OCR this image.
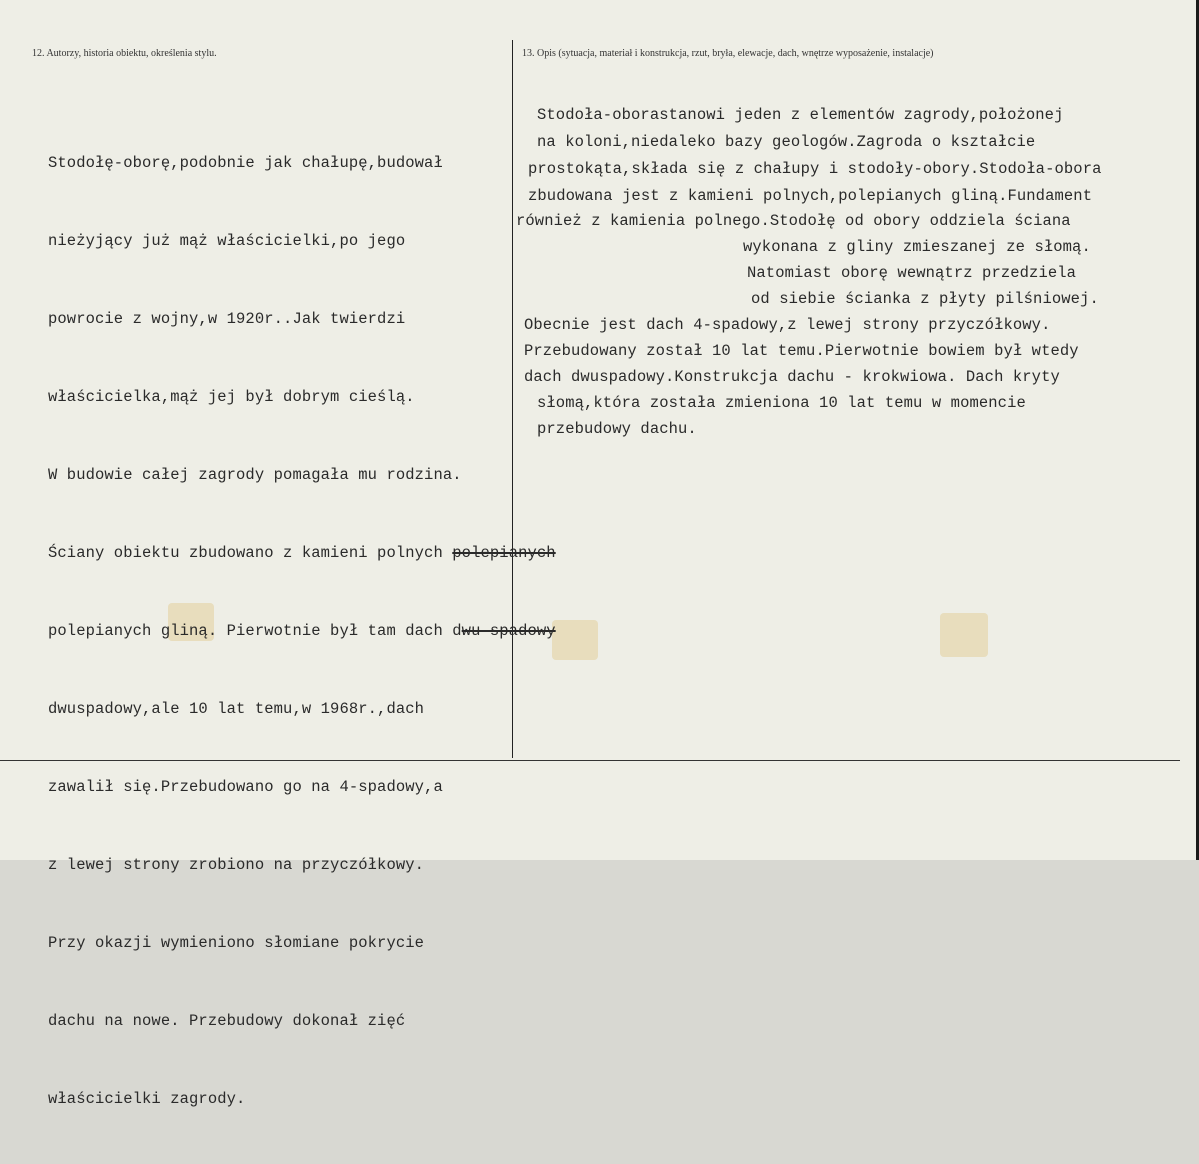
12. Autorzy, historia obiektu, określenia stylu.	13. Opis (sytuacja, materiał i konstrukcja, rzut, bryła, elewacje, dach, wnętrze wyposażenie, instalacje)

Stodołę-oborę,podobnie jak chałupę,budował

nieżyjący już mąż właścicielki,po jego

powrocie z wojny,w 1920r..Jak twierdzi

właścicielka,mąż jej był dobrym cieślą.

W budowie całej zagrody pomagała mu rodzina.

Ściany obiektu zbudowano z kamieni polnych polepianych

polepianych gliną. Pierwotnie był tam dach dwu-spadowy

dwuspadowy,ale 10 lat temu,w 1968r.,dach

zawalił się.Przebudowano go na 4-spadowy,a

z lewej strony zrobiono na przyczółkowy.

Przy okazji wymieniono słomiane pokrycie

dachu na nowe. Przebudowy dokonał zięć

właścicielki zagrody.

Stodoła-oborastanowi jeden z elementów zagrody,położonej

na koloni,niedaleko bazy geologów.Zagroda o kształcie

prostokąta,składa się z chałupy i stodoły-obory.Stodoła-obora

zbudowana jest z kamieni polnych,polepianych gliną.Fundament

również z kamienia polnego.Stodołę od obory oddziela ściana

wykonana z gliny zmieszanej ze słomą.

Natomiast oborę wewnątrz przedziela

od siebie ścianka z płyty pilśniowej.

Obecnie jest dach 4-spadowy,z lewej strony przyczółkowy.

Przebudowany został 10 lat temu.Pierwotnie bowiem był wtedy

dach dwuspadowy.Konstrukcja dachu - krokwiowa. Dach kryty

słomą,która została zmieniona 10 lat temu w momencie

przebudowy dachu.
